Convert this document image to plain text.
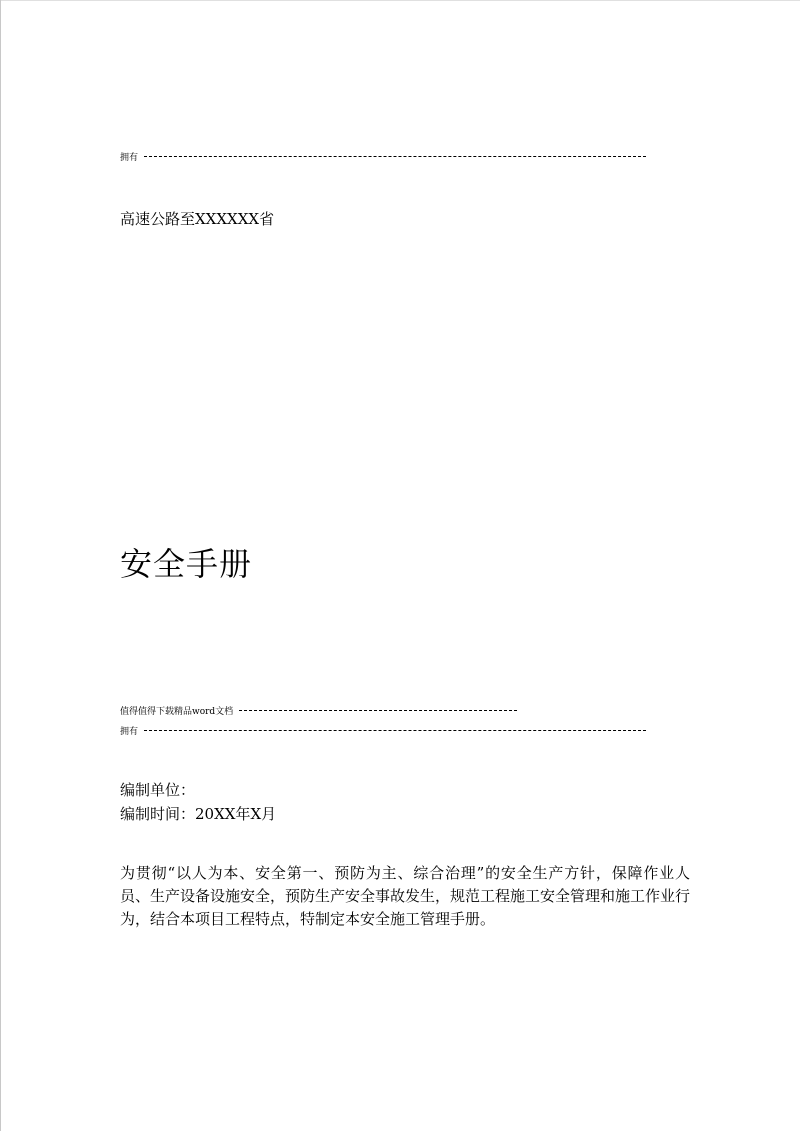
拥有
高速公路至XXXXXX省
安全手册
值得值得下载精品word文档
拥有
编制单位：
编制时间：20XX年X月
为贯彻“以人为本、安全第一、预防为主、综合治理”的安全生产方针，保障作业人员、生产设备设施安全，预防生产安全事故发生，规范工程施工安全管理和施工作业行为，结合本项目工程特点，特制定本安全施工管理手册。
